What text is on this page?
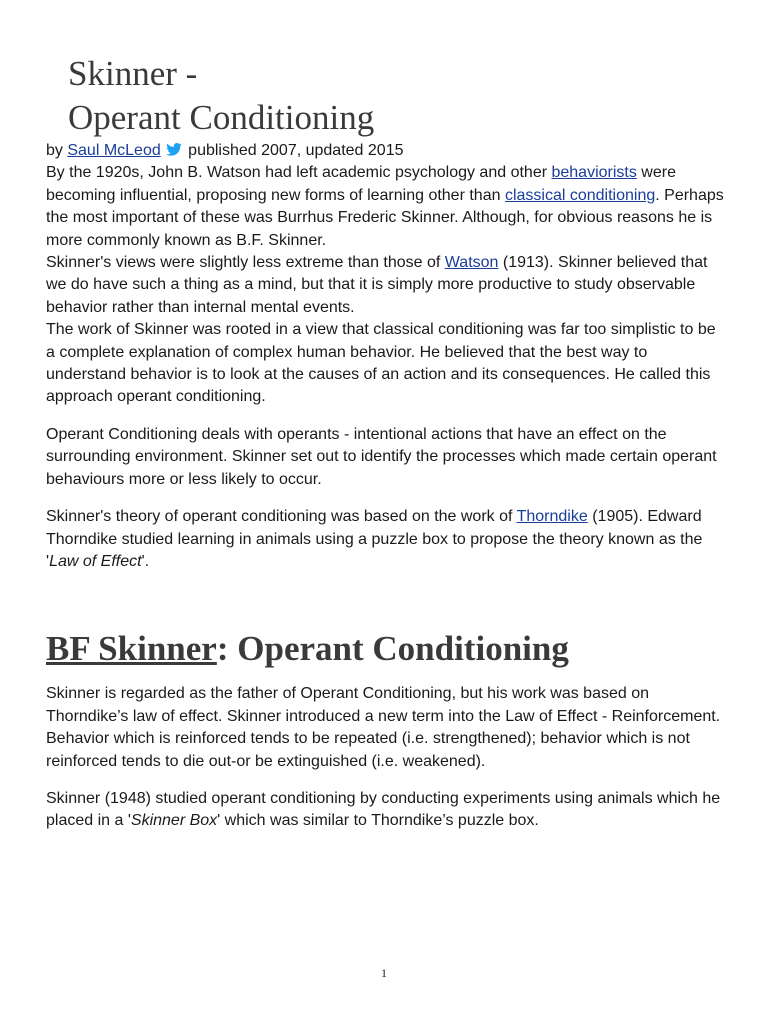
Skinner -
Operant Conditioning

by Saul McLeod published 2007, updated 2015

By the 1920s, John B. Watson had left academic psychology and other behaviorists were becoming influential, proposing new forms of learning other than classical conditioning. Perhaps the most important of these was Burrhus Frederic Skinner. Although, for obvious reasons he is more commonly known as B.F. Skinner.

Skinner's views were slightly less extreme than those of Watson (1913). Skinner believed that we do have such a thing as a mind, but that it is simply more productive to study observable behavior rather than internal mental events.

The work of Skinner was rooted in a view that classical conditioning was far too simplistic to be a complete explanation of complex human behavior. He believed that the best way to understand behavior is to look at the causes of an action and its consequences. He called this approach operant conditioning.

Operant Conditioning deals with operants - intentional actions that have an effect on the surrounding environment. Skinner set out to identify the processes which made certain operant behaviours more or less likely to occur.

Skinner's theory of operant conditioning was based on the work of Thorndike (1905). Edward Thorndike studied learning in animals using a puzzle box to propose the theory known as the 'Law of Effect'.

BF Skinner: Operant Conditioning

Skinner is regarded as the father of Operant Conditioning, but his work was based on Thorndike’s law of effect. Skinner introduced a new term into the Law of Effect - Reinforcement. Behavior which is reinforced tends to be repeated (i.e. strengthened); behavior which is not reinforced tends to die out-or be extinguished (i.e. weakened).

Skinner (1948) studied operant conditioning by conducting experiments using animals which he placed in a 'Skinner Box' which was similar to Thorndike’s puzzle box.

1
